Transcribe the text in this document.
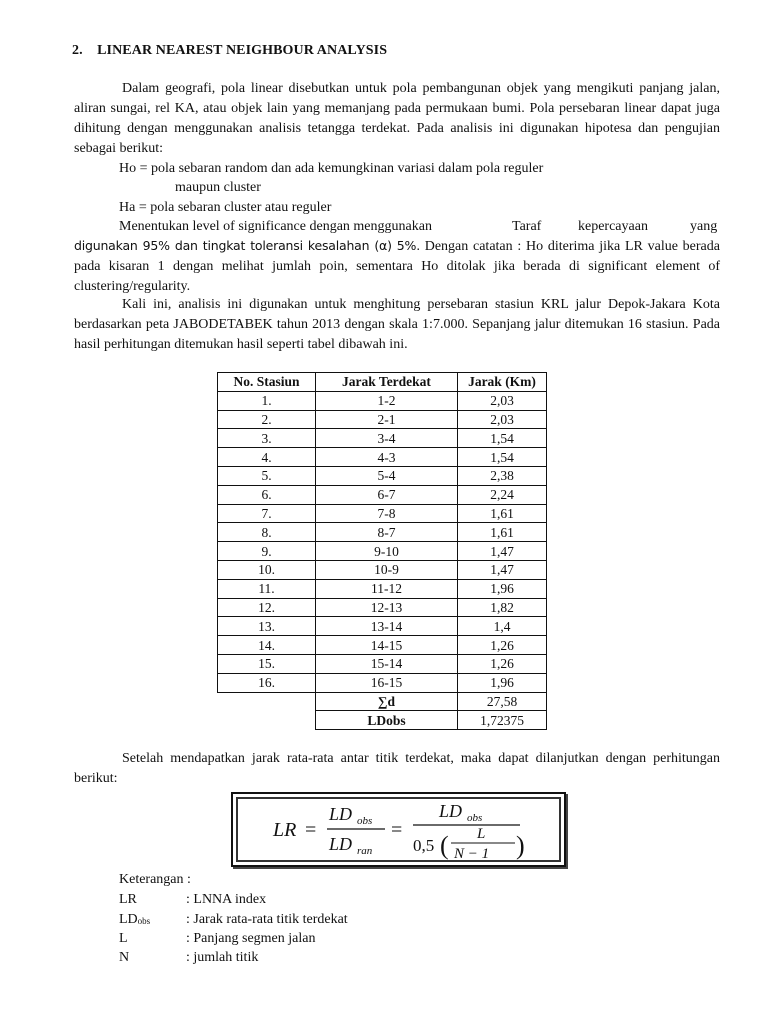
2. LINEAR NEAREST NEIGHBOUR ANALYSIS
Dalam geografi, pola linear disebutkan untuk pola pembangunan objek yang mengikuti panjang jalan, aliran sungai, rel KA, atau objek lain yang memanjang pada permukaan bumi. Pola persebaran linear dapat juga dihitung dengan menggunakan analisis tetangga terdekat. Pada analisis ini digunakan hipotesa dan pengujian sebagai berikut:
Ho = pola sebaran random dan ada kemungkinan variasi dalam pola reguler
maupun cluster
Ha = pola sebaran cluster atau reguler
Menentukan level of significance dengan menggunakan	Taraf	kepercayaan	yang
digunakan 95% dan tingkat toleransi kesalahan (α) 5%. Dengan catatan : Ho diterima jika LR value berada pada kisaran 1 dengan melihat jumlah poin, sementara Ho ditolak jika berada di significant element of clustering/regularity.
Kali ini, analisis ini digunakan untuk menghitung persebaran stasiun KRL jalur Depok-Jakara Kota berdasarkan peta JABODETABEK tahun 2013 dengan skala 1:7.000. Sepanjang jalur ditemukan 16 stasiun. Pada hasil perhitungan ditemukan hasil seperti tabel dibawah ini.
No. Stasiun	Jarak Terdekat	Jarak (Km)
1.	1-2	2,03
2.	2-1	2,03
3.	3-4	1,54
4.	4-3	1,54
5.	5-4	2,38
6.	6-7	2,24
7.	7-8	1,61
8.	8-7	1,61
9.	9-10	1,47
10.	10-9	1,47
11.	11-12	1,96
12.	12-13	1,82
13.	13-14	1,4
14.	14-15	1,26
15.	15-14	1,26
16.	16-15	1,96
	∑d	27,58
	LDobs	1,72375
Setelah mendapatkan jarak rata-rata antar titik terdekat, maka dapat dilanjutkan dengan perhitungan berikut:
LR =
LD obs
LD ran
=
LD obs
0,5 ( L
N − 1 )
Keterangan :
LR	: LNNA index
$LD_{obs}$	: Jarak rata-rata titik terdekat
L	: Panjang segmen jalan
N	: jumlah titik
